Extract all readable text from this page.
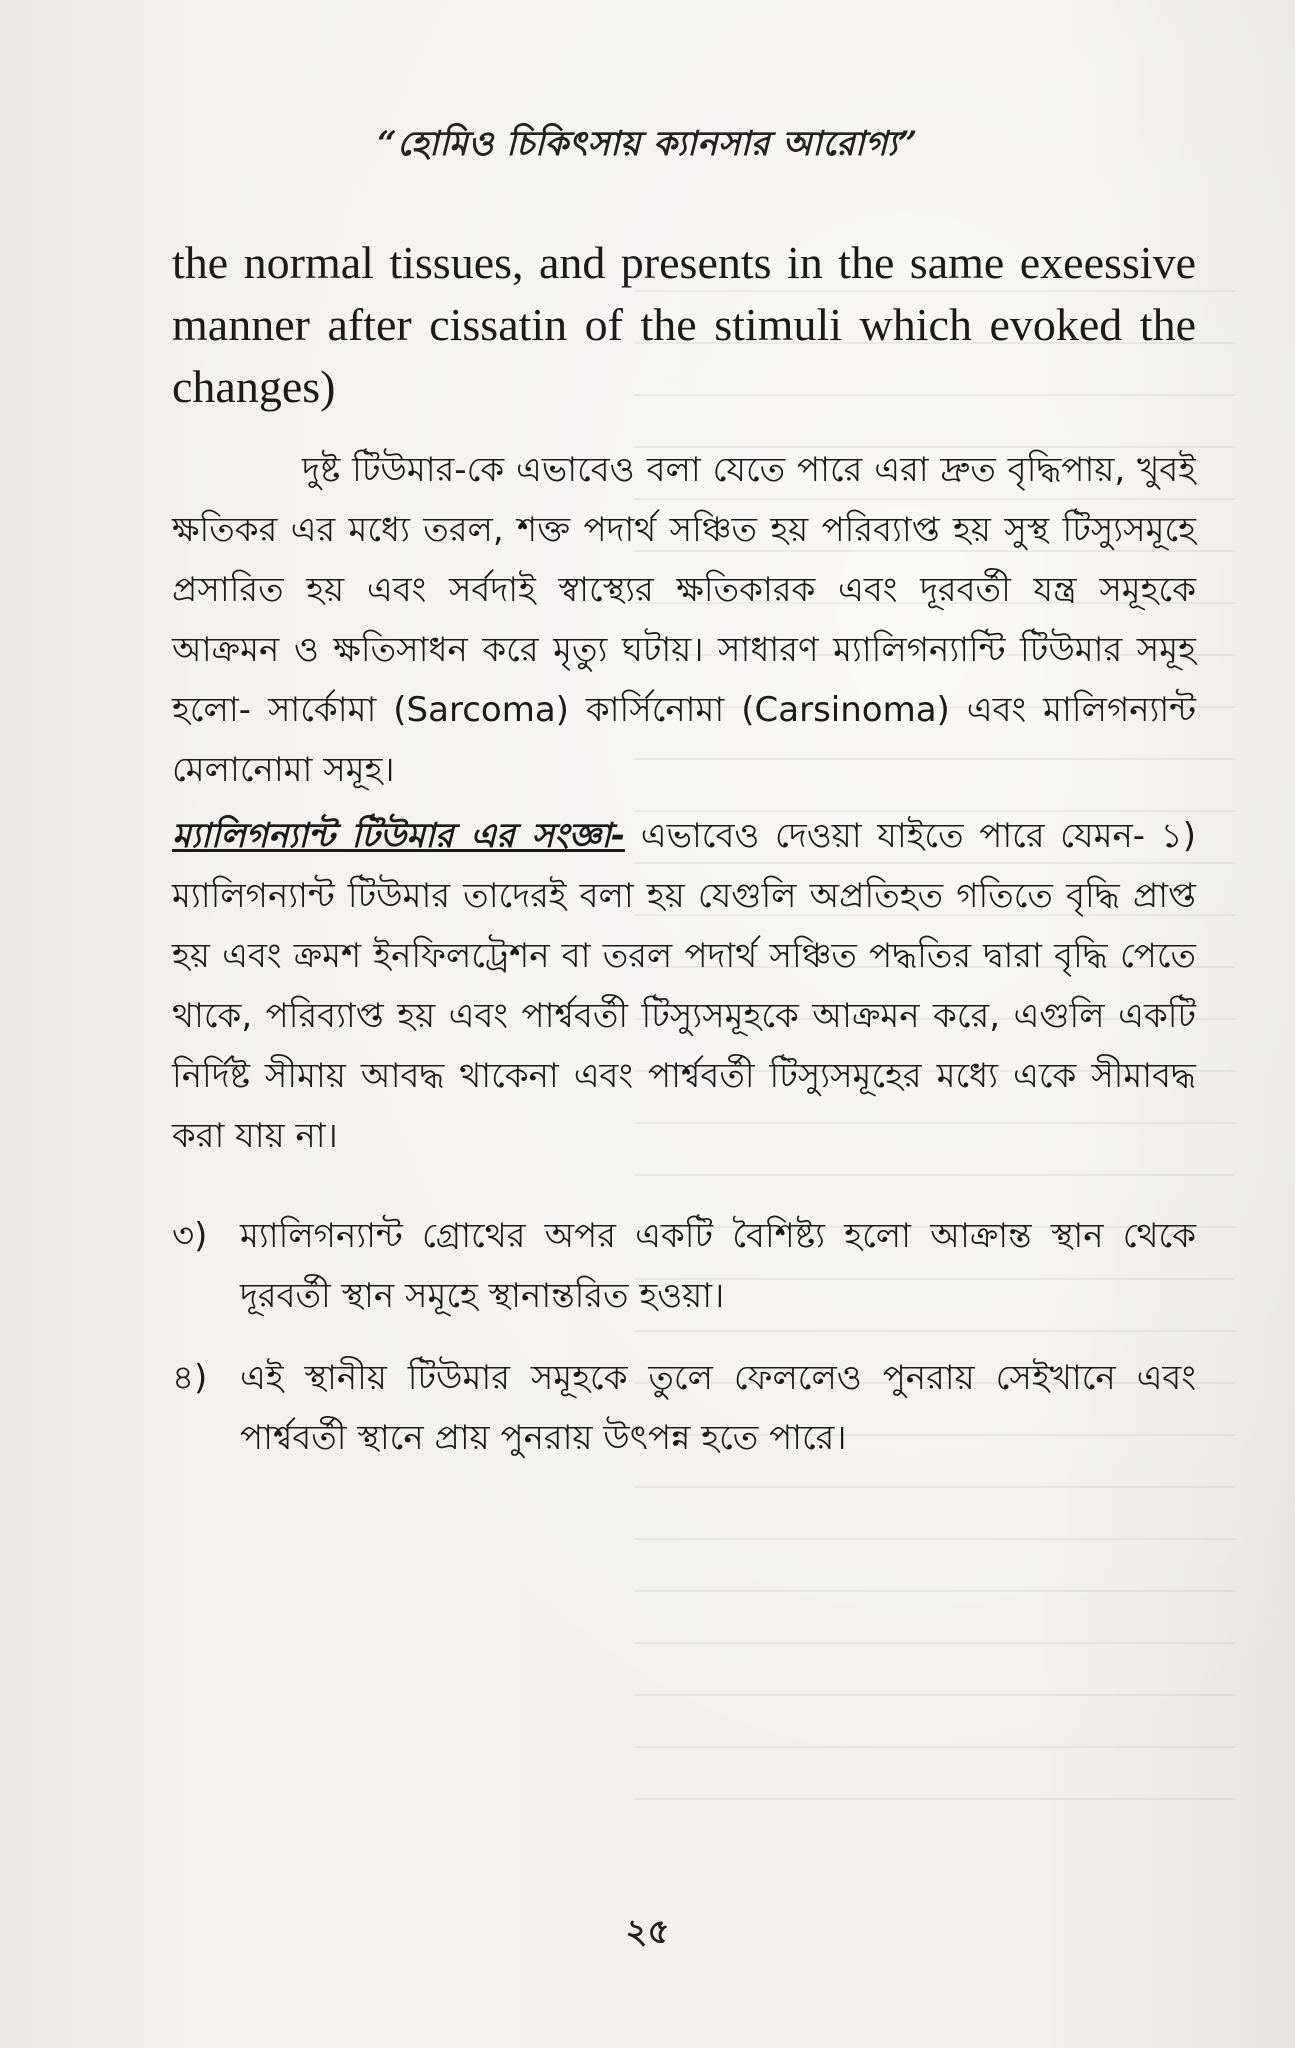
“হোমিও চিকিৎসায় ক্যানসার আরোগ্য”

the normal tissues, and presents in the same exeessive manner after cissatin of the stimuli which evoked the changes)

দুষ্ট টিউমার-কে এভাবেও বলা যেতে পারে এরা দ্রুত বৃদ্ধিপায়, খুবই ক্ষতিকর এর মধ্যে তরল, শক্ত পদার্থ সঞ্চিত হয় পরিব্যাপ্ত হয় সুস্থ টিস্যুসমূহে প্রসারিত হয় এবং সর্বদাই স্বাস্থ্যের ক্ষতিকারক এবং দূরবর্তী যন্ত্র সমূহকে আক্রমন ও ক্ষতিসাধন করে মৃত্যু ঘটায়। সাধারণ ম্যালিগন্যান্টি টিউমার সমূহ হলো- সার্কোমা (Sarcoma) কার্সিনোমা (Carsinoma) এবং মালিগন্যান্ট মেলানোমা সমূহ।

ম্যালিগন্যান্ট টিউমার এর সংজ্ঞা- এভাবেও দেওয়া যাইতে পারে যেমন- ১) ম্যালিগন্যান্ট টিউমার তাদেরই বলা হয় যেগুলি অপ্রতিহত গতিতে বৃদ্ধি প্রাপ্ত হয় এবং ক্রমশ ইনফিলট্রেশন বা তরল পদার্থ সঞ্চিত পদ্ধতির দ্বারা বৃদ্ধি পেতে থাকে, পরিব্যাপ্ত হয় এবং পার্শ্ববর্তী টিস্যুসমূহকে আক্রমন করে, এগুলি একটি নির্দিষ্ট সীমায় আবদ্ধ থাকেনা এবং পার্শ্ববর্তী টিস্যুসমূহের মধ্যে একে সীমাবদ্ধ করা যায় না।

৩) ম্যালিগন্যান্ট গ্রোথের অপর একটি বৈশিষ্ট্য হলো আক্রান্ত স্থান থেকে দূরবর্তী স্থান সমূহে স্থানান্তরিত হওয়া।

৪) এই স্থানীয় টিউমার সমূহকে তুলে ফেললেও পুনরায় সেইখানে এবং পার্শ্ববর্তী স্থানে প্রায় পুনরায় উৎপন্ন হতে পারে।

২৫
